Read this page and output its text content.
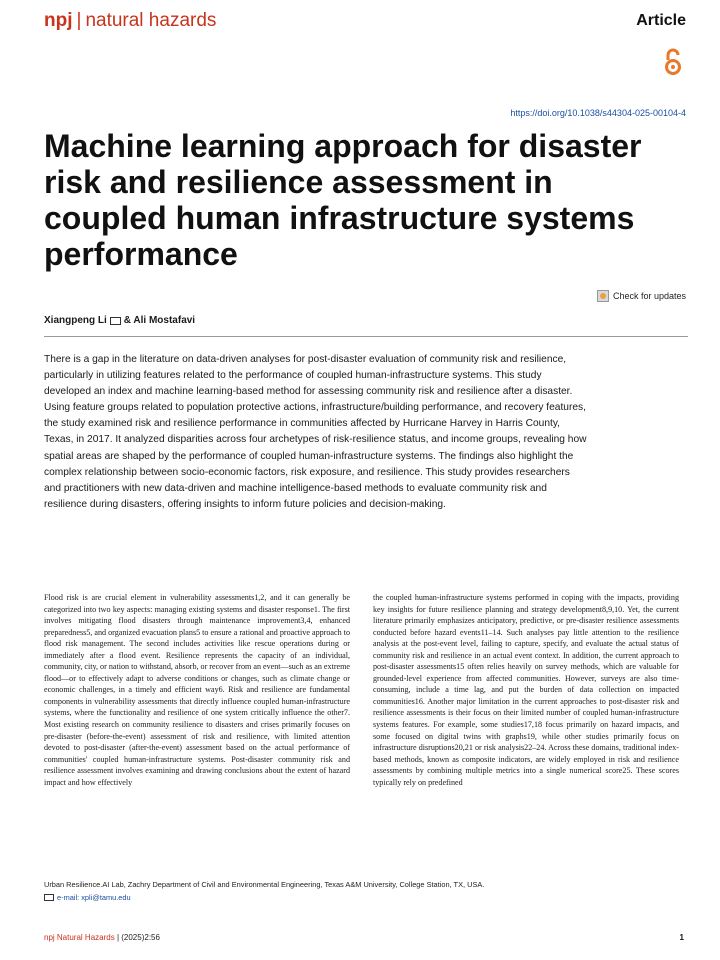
npj | natural hazards	Article
https://doi.org/10.1038/s44304-025-00104-4
Machine learning approach for disaster risk and resilience assessment in coupled human infrastructure systems performance
Check for updates
Xiangpeng Li & Ali Mostafavi

There is a gap in the literature on data-driven analyses for post-disaster evaluation of community risk and resilience, particularly in utilizing features related to the performance of coupled human-infrastructure systems. This study developed an index and machine learning-based method for assessing community risk and resilience after a disaster. Using feature groups related to population protective actions, infrastructure/building performance, and recovery features, the study examined risk and resilience performance in communities affected by Hurricane Harvey in Harris County, Texas, in 2017. It analyzed disparities across four archetypes of risk-resilience status, and income groups, revealing how spatial areas are shaped by the performance of coupled human-infrastructure systems. The findings also highlight the complex relationship between socio-economic factors, risk exposure, and resilience. This study provides researchers and practitioners with new data-driven and machine intelligence-based methods to evaluate community risk and resilience during disasters, offering insights to inform future policies and decision-making.

Flood risk is are crucial element in vulnerability assessments1,2, and it can generally be categorized into two key aspects: managing existing systems and disaster response1. The first involves mitigating flood disasters through maintenance improvement3,4, enhanced preparedness5, and organized evacuation plans5 to ensure a rational and proactive approach to flood risk management. The second includes activities like rescue operations during or immediately after a flood event. Resilience represents the capacity of an individual, community, city, or nation to withstand, absorb, or recover from an event—such as an extreme flood—or to effectively adapt to adverse conditions or changes, such as climate change or economic challenges, in a timely and efficient way6. Risk and resilience are fundamental components in vulnerability assessments that directly influence coupled human-infrastructure systems, where the functionality and resilience of one system critically influence the other7. Most existing research on community resilience to disasters and crises primarily focuses on pre-disaster (before-the-event) assessment of risk and resilience, with limited attention devoted to post-disaster (after-the-event) assessment based on the actual performance of communities' coupled human-infrastructure systems. Post-disaster community risk and resilience assessment involves examining and drawing conclusions about the extent of hazard impact and how effectively

the coupled human-infrastructure systems performed in coping with the impacts, providing key insights for future resilience planning and strategy development8,9,10. Yet, the current literature primarily emphasizes anticipatory, predictive, or pre-disaster resilience assessments conducted before hazard events11–14. Such analyses pay little attention to the resilience analysis at the post-event level, failing to capture, specify, and evaluate the actual status of community risk and resilience in an actual event context. In addition, the current approach to post-disaster assessments15 often relies heavily on survey methods, which are valuable for grounded-level experience from affected communities. However, surveys are also time-consuming, include a time lag, and put the burden of data collection on impacted communities16. Another major limitation in the current approaches to post-disaster risk and resilience assessments is their focus on their limited number of coupled human-infrastructure systems features. For example, some studies17,18 focus primarily on hazard impacts, and some focused on digital twins with graphs19, while other studies primarily focus on infrastructure disruptions20,21 or risk analysis22–24. Across these domains, traditional index-based methods, known as composite indicators, are widely employed in risk and resilience assessments by combining multiple metrics into a single numerical score25. These scores typically rely on predefined

Urban Resilience.AI Lab, Zachry Department of Civil and Environmental Engineering, Texas A&M University, College Station, TX, USA.
e-mail: xpli@tamu.edu
npj Natural Hazards | (2025)2:56	1
